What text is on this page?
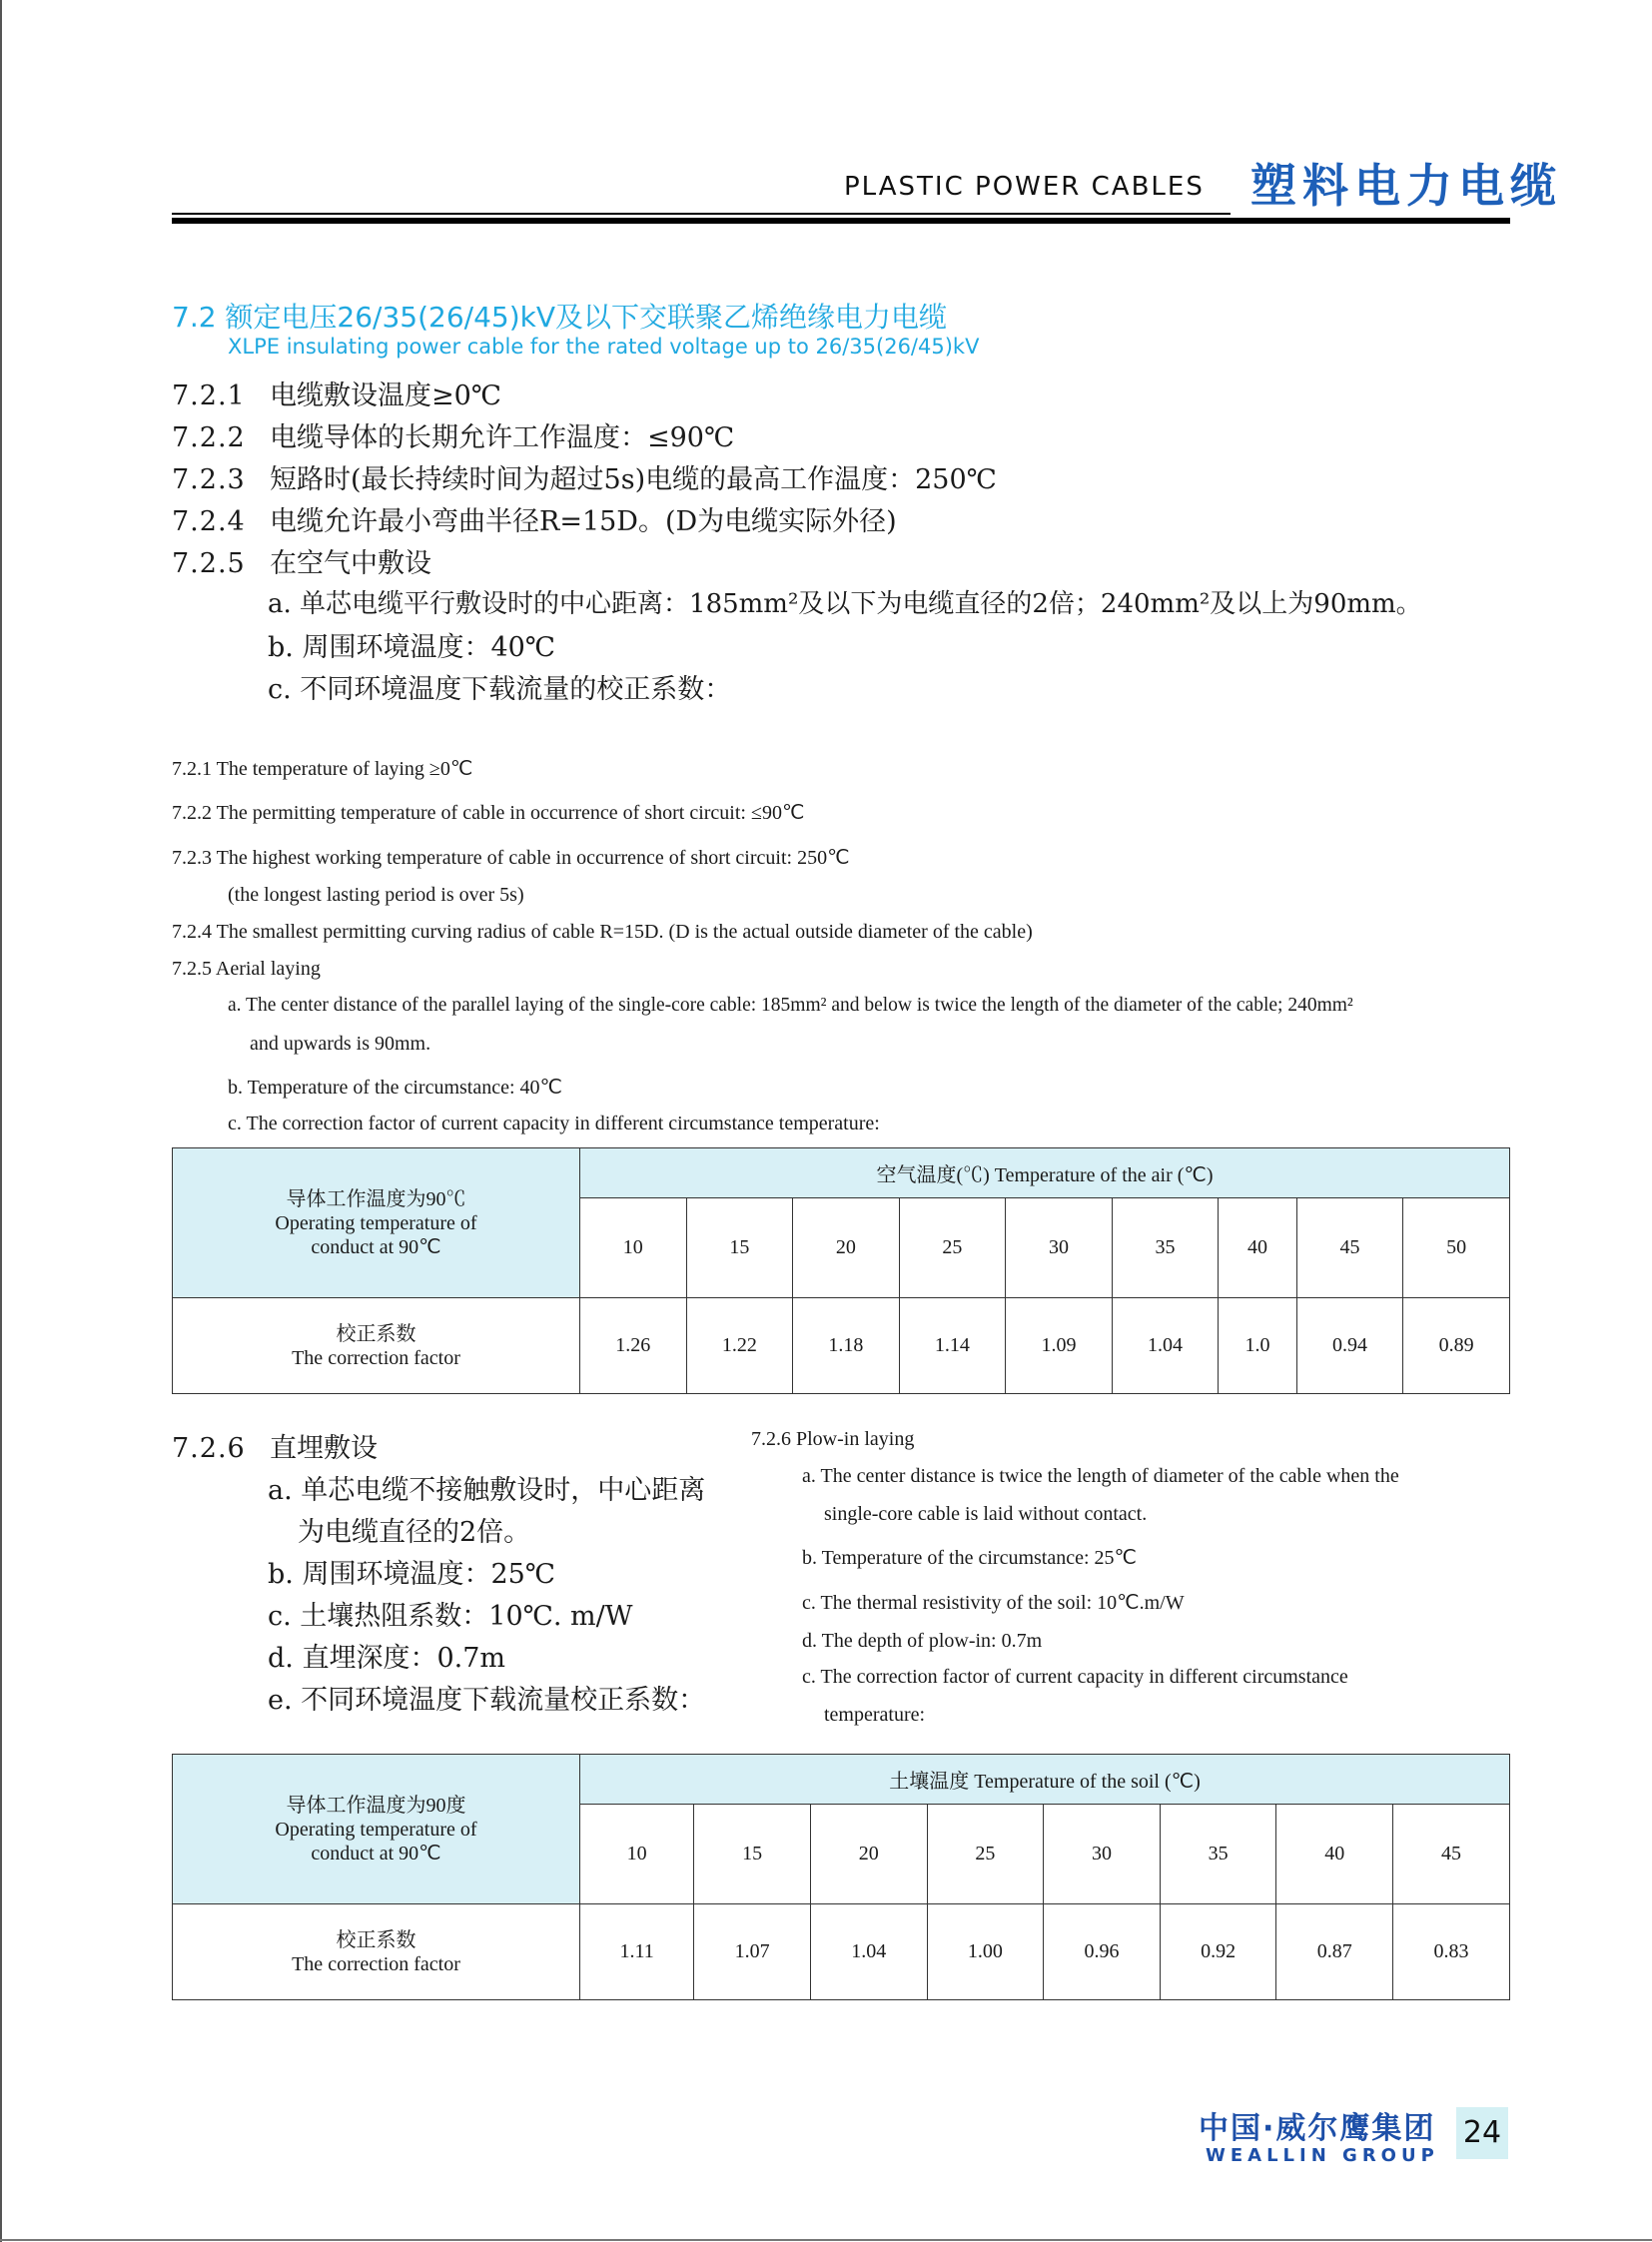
PLASTIC POWER CABLES 塑料电力电缆
7.2 额定电压26/35(26/45)kV及以下交联聚乙烯绝缘电力电缆
XLPE insulating power cable for the rated voltage up to 26/35(26/45)kV
7.2.1 电缆敷设温度≥0℃
7.2.2 电缆导体的长期允许工作温度：≤90℃
7.2.3 短路时(最长持续时间为超过5s)电缆的最高工作温度：250℃
7.2.4 电缆允许最小弯曲半径R=15D。(D为电缆实际外径)
7.2.5 在空气中敷设
a. 单芯电缆平行敷设时的中心距离：185mm²及以下为电缆直径的2倍；240mm²及以上为90mm。
b. 周围环境温度：40℃
c. 不同环境温度下载流量的校正系数：
7.2.1 The temperature of laying ≥0℃
7.2.2 The permitting temperature of cable in occurrence of short circuit: ≤90℃
7.2.3 The highest working temperature of cable in occurrence of short circuit: 250℃
(the longest lasting period is over 5s)
7.2.4 The smallest permitting curving radius of cable R=15D. (D is the actual outside diameter of the cable)
7.2.5 Aerial laying
a. The center distance of the parallel laying of the single-core cable: 185mm² and below is twice the length of the diameter of the cable; 240mm²
and upwards is 90mm.
b. Temperature of the circumstance: 40℃
c. The correction factor of current capacity in different circumstance temperature:
导体工作温度为90℃
Operating temperature of
conduct at 90℃	空气温度(℃) Temperature of the air (℃)								
	10	15	20	25	30	35	40	45	50

校正系数
The correction factor	1.26	1.22	1.18	1.14	1.09	1.04	1.0	0.94	0.89
7.2.6 直埋敷设
a. 单芯电缆不接触敷设时，中心距离
为电缆直径的2倍。
b. 周围环境温度：25℃
c. 土壤热阻系数：10℃. m/W
d. 直埋深度：0.7m
e. 不同环境温度下载流量校正系数：
7.2.6 Plow-in laying
a. The center distance is twice the length of diameter of the cable when the
single-core cable is laid without contact.
b. Temperature of the circumstance: 25℃
c. The thermal resistivity of the soil: 10℃.m/W
d. The depth of plow-in: 0.7m
c. The correction factor of current capacity in different circumstance
temperature:
导体工作温度为90度
Operating temperature of
conduct at 90℃	土壤温度 Temperature of the soil (℃)							
	10	15	20	25	30	35	40	45

校正系数
The correction factor	1.11	1.07	1.04	1.00	0.96	0.92	0.87	0.83
中国·威尔鹰集团
WEALLIN GROUP
24
